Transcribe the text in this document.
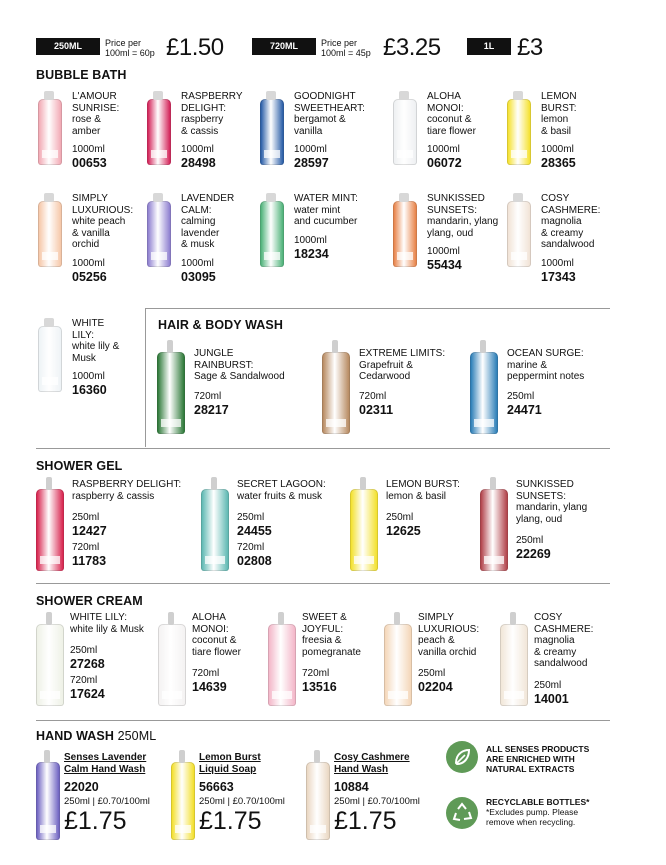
250ML	Price per
100ml = 60p £1.50	720ML	Price per
100ml = 45p £3.25	1L £3
BUBBLE BATH
L'AMOUR
SUNRISE:
rose &
amber
1000ml
00653
RASPBERRY
DELIGHT:
raspberry
& cassis
1000ml
28498
GOODNIGHT
SWEETHEART:
bergamot &
vanilla
1000ml
28597
ALOHA
MONOI:
coconut &
tiare flower
1000ml
06072
LEMON
BURST:
lemon
& basil
1000ml
28365
SIMPLY
LUXURIOUS:
white peach
& vanilla
orchid
1000ml
05256
LAVENDER
CALM:
calming
lavender
& musk
1000ml
03095
WATER MINT:
water mint
and cucumber
1000ml
18234
SUNKISSED
SUNSETS:
mandarin, ylang
ylang, oud
1000ml
55434
COSY
CASHMERE:
magnolia
& creamy
sandalwood
1000ml
17343
WHITE
LILY:
white lily &
Musk
1000ml
16360
HAIR & BODY WASH
JUNGLE
RAINBURST:
Sage & Sandalwood
720ml
28217
EXTREME LIMITS:
Grapefruit &
Cedarwood
720ml
02311
OCEAN SURGE:
marine &
peppermint notes
250ml
24471
SHOWER GEL
RASPBERRY DELIGHT:
raspberry & cassis
250ml
12427
720ml
11783
SECRET LAGOON:
water fruits & musk
250ml
24455
720ml
02808
LEMON BURST:
lemon & basil
250ml
12625
SUNKISSED
SUNSETS:
mandarin, ylang
ylang, oud
250ml
22269
SHOWER CREAM
WHITE LILY:
white lily & Musk
250ml
27268
720ml
17624
ALOHA
MONOI:
coconut &
tiare flower
720ml
14639
SWEET &
JOYFUL:
freesia &
pomegranate
720ml
13516
SIMPLY
LUXURIOUS:
peach &
vanilla orchid
250ml
02204
COSY
CASHMERE:
magnolia
& creamy
sandalwood
250ml
14001
HAND WASH 250ML
Senses Lavender
Calm Hand Wash
22020
250ml | £0.70/100ml
£1.75
Lemon Burst
Liquid Soap
56663
250ml | £0.70/100ml
£1.75
Cosy Cashmere
Hand Wash
10884
250ml | £0.70/100ml
£1.75
ALL SENSES PRODUCTS
ARE ENRICHED WITH
NATURAL EXTRACTS
RECYCLABLE BOTTLES*
*Excludes pump. Please
remove when recycling.
